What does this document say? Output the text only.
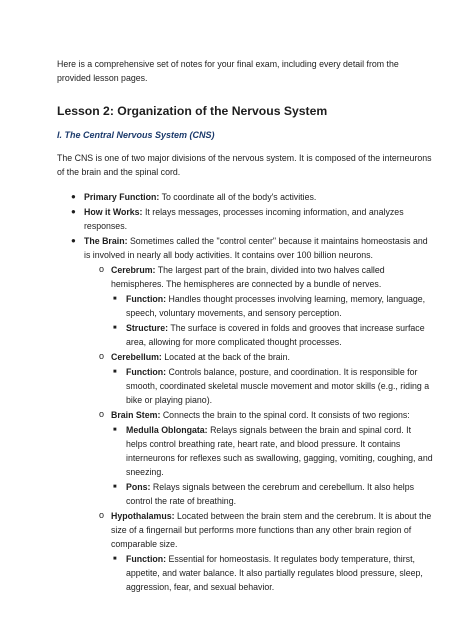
Here is a comprehensive set of notes for your final exam, including every detail from the provided lesson pages.

Lesson 2: Organization of the Nervous System
I. The Central Nervous System (CNS)

The CNS is one of two major divisions of the nervous system. It is composed of the interneurons of the brain and the spinal cord.

● Primary Function: To coordinate all of the body's activities.
● How it Works: It relays messages, processes incoming information, and analyzes responses.
● The Brain: Sometimes called the "control center" because it maintains homeostasis and is involved in nearly all body activities. It contains over 100 billion neurons.
o Cerebrum: The largest part of the brain, divided into two halves called hemispheres. The hemispheres are connected by a bundle of nerves.
■ Function: Handles thought processes involving learning, memory, language, speech, voluntary movements, and sensory perception.
■ Structure: The surface is covered in folds and grooves that increase surface area, allowing for more complicated thought processes.
o Cerebellum: Located at the back of the brain.
■ Function: Controls balance, posture, and coordination. It is responsible for smooth, coordinated skeletal muscle movement and motor skills (e.g., riding a bike or playing piano).
o Brain Stem: Connects the brain to the spinal cord. It consists of two regions:
■ Medulla Oblongata: Relays signals between the brain and spinal cord. It helps control breathing rate, heart rate, and blood pressure. It contains interneurons for reflexes such as swallowing, gagging, vomiting, coughing, and sneezing.
■ Pons: Relays signals between the cerebrum and cerebellum. It also helps control the rate of breathing.
o Hypothalamus: Located between the brain stem and the cerebrum. It is about the size of a fingernail but performs more functions than any other brain region of comparable size.
■ Function: Essential for homeostasis. It regulates body temperature, thirst, appetite, and water balance. It also partially regulates blood pressure, sleep, aggression, fear, and sexual behavior.
